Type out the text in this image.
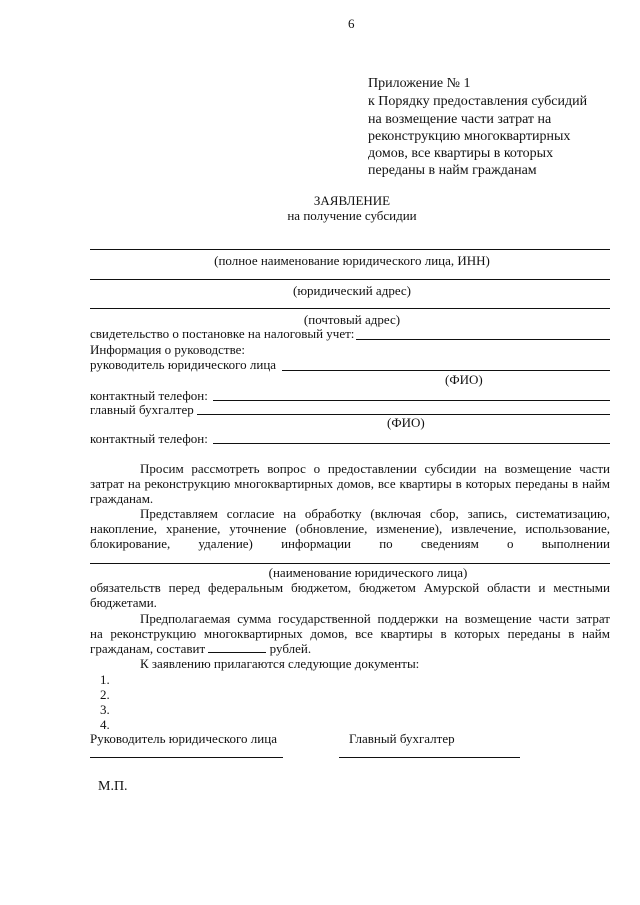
6
Приложение № 1
к Порядку предоставления субсидий
на возмещение части затрат на
реконструкцию многоквартирных
домов, все квартиры в которых
переданы в найм гражданам
ЗАЯВЛЕНИЕ
на получение субсидии
(полное наименование юридического лица, ИНН)
(юридический адрес)
(почтовый адрес)
свидетельство о постановке на налоговый учет:
Информация о руководстве:
руководитель юридического лица
(ФИО)
контактный телефон:
главный бухгалтер
(ФИО)
контактный телефон:
Просим рассмотреть вопрос о предоставлении субсидии на возмещение части
затрат на реконструкцию многоквартирных домов, все квартиры в которых переданы в найм
гражданам.
Представляем согласие на обработку (включая сбор, запись, систематизацию,
накопление, хранение, уточнение (обновление, изменение), извлечение, использование,
блокирование, удаление) информации по сведениям о выполнении
(наименование юридического лица)
обязательств перед федеральным бюджетом, бюджетом Амурской области и местными
бюджетами.
Предполагаемая сумма государственной поддержки на возмещение части затрат
на реконструкцию многоквартирных домов, все квартиры в которых переданы в найм
гражданам, составит	рублей.
К заявлению прилагаются следующие документы:
1.
2.
3.
4.
Руководитель юридического лица	Главный бухгалтер
М.П.
